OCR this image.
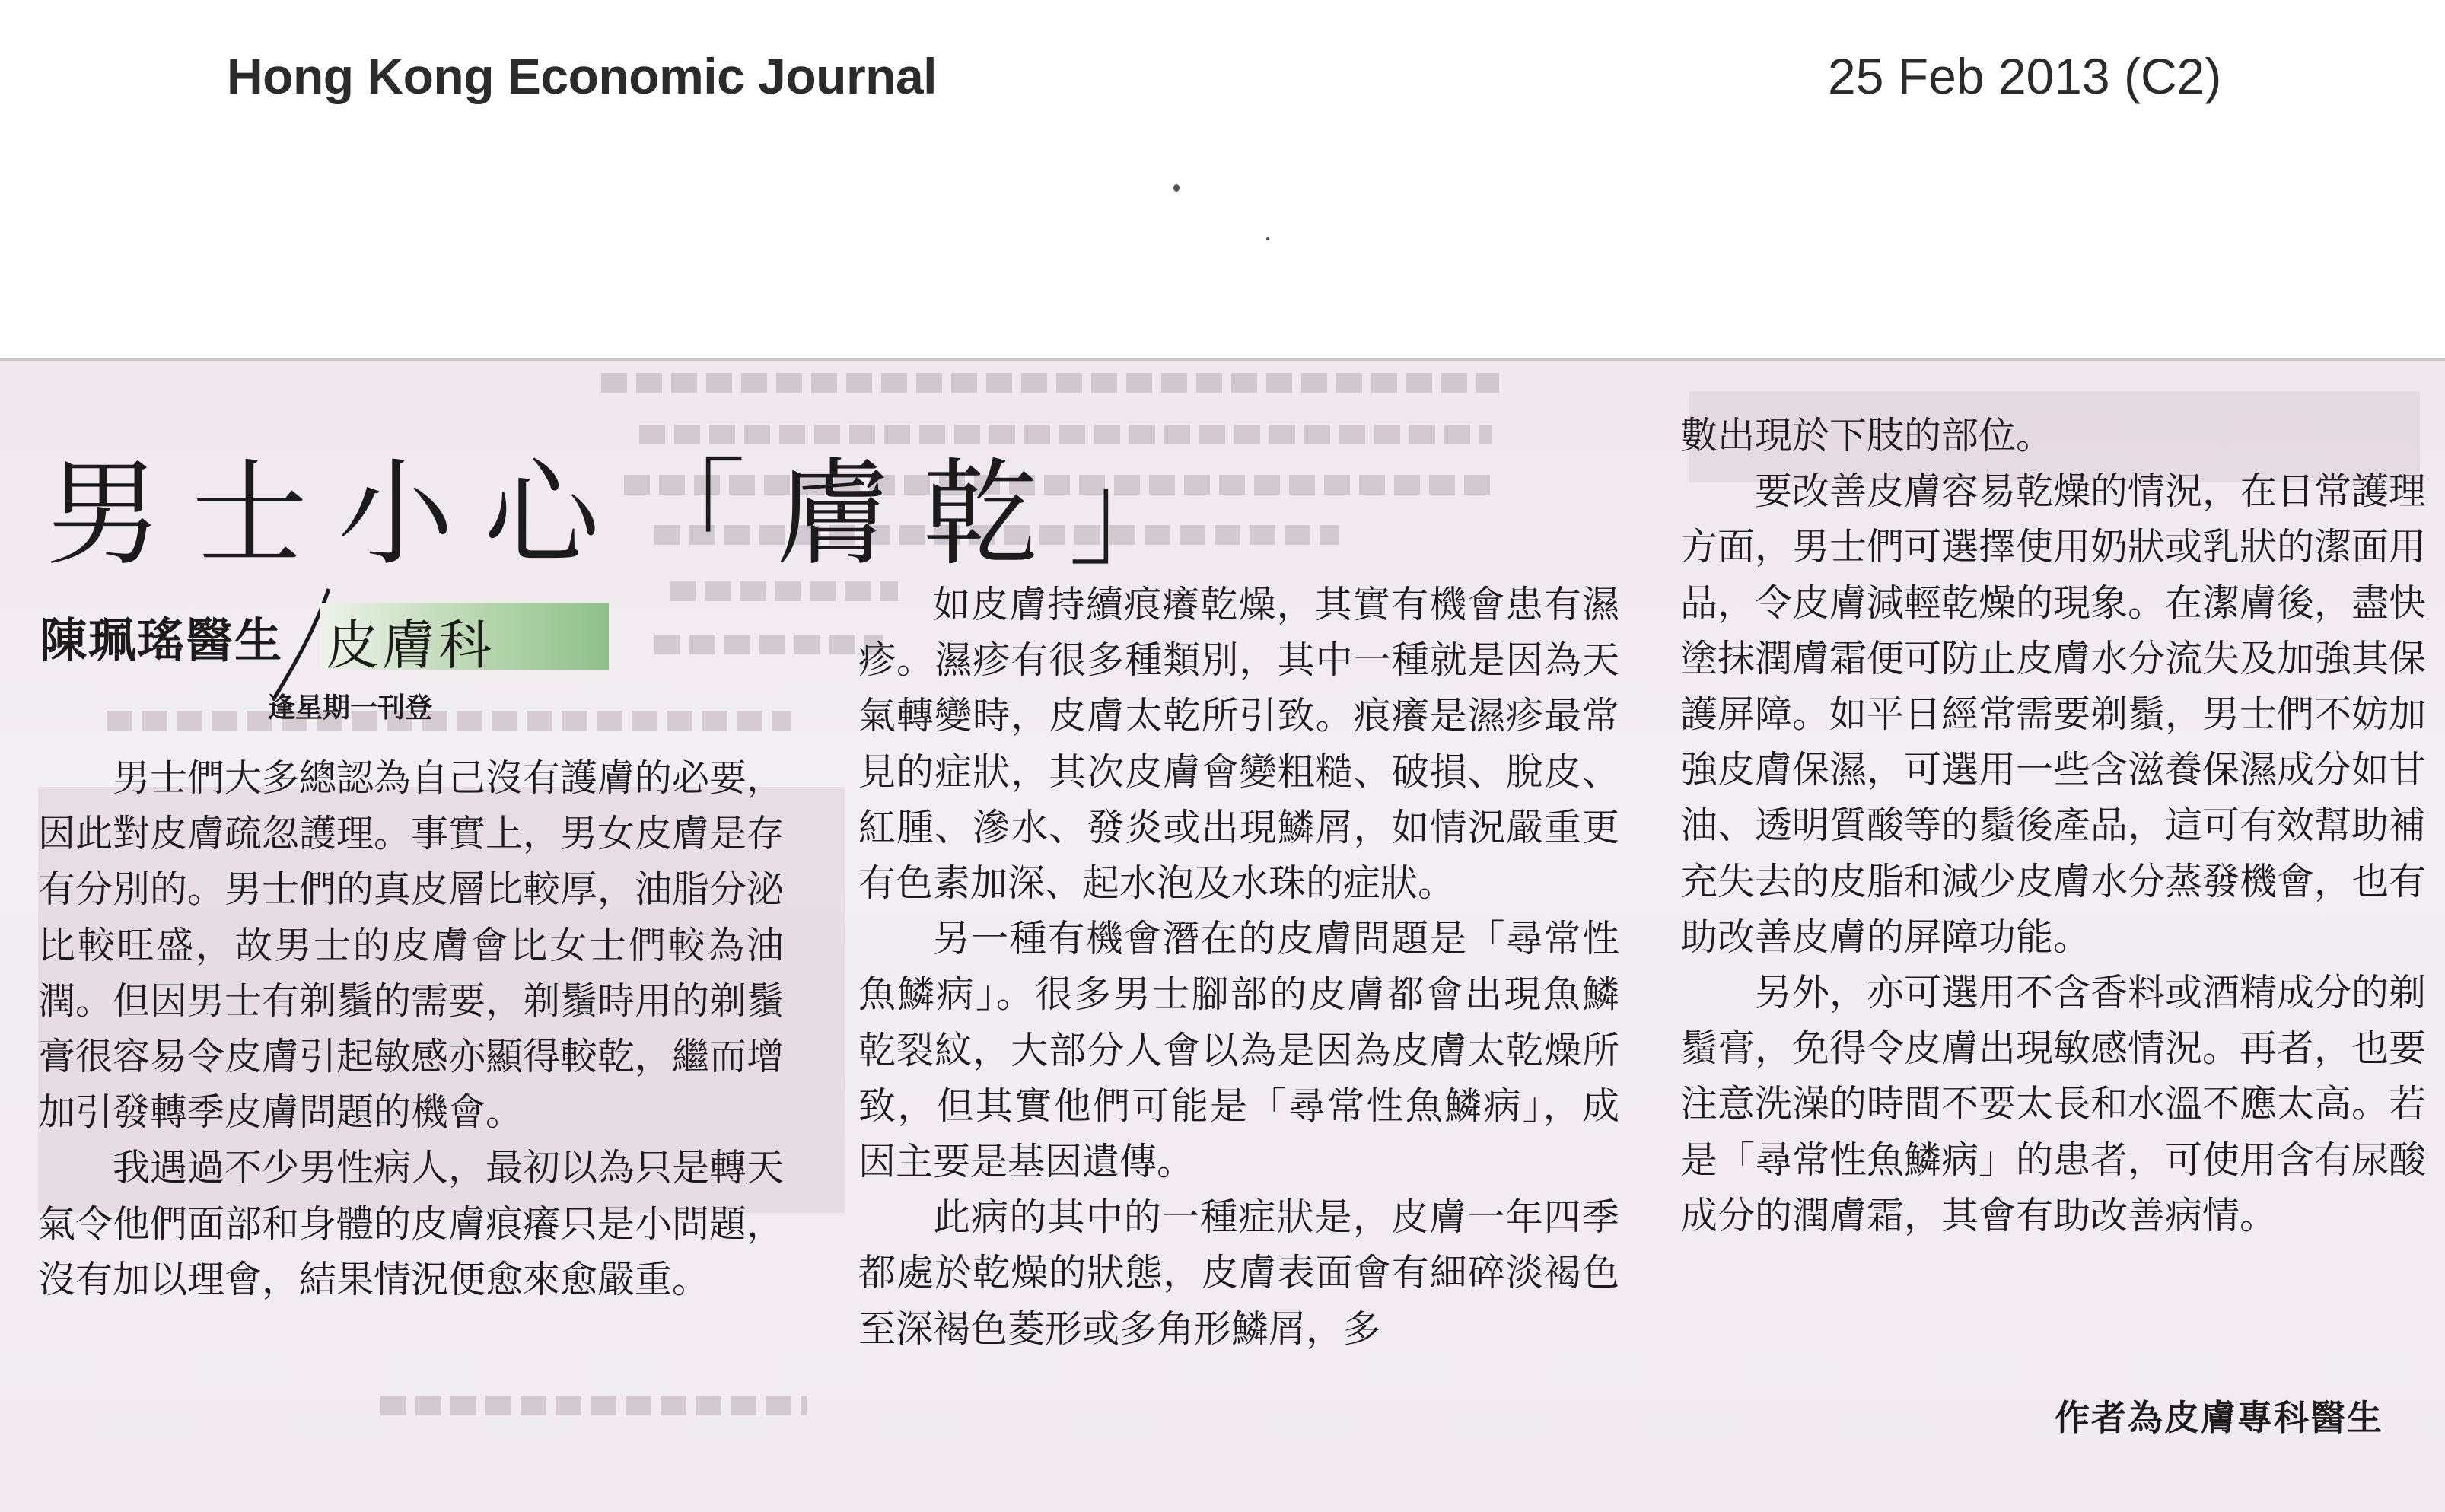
Hong Kong Economic Journal	25 Feb 2013 (C2)
男士小心「膚乾」
陳珮瑤醫生 皮膚科
逢星期一刊登

男士們大多總認為自己沒有護膚的必要，因此對皮膚疏忽護理。事實上，男女皮膚是存有分別的。男士們的真皮層比較厚，油脂分泌比較旺盛，故男士的皮膚會比女士們較為油潤。但因男士有剃鬚的需要，剃鬚時用的剃鬚膏很容易令皮膚引起敏感亦顯得較乾，繼而增加引發轉季皮膚問題的機會。

我遇過不少男性病人，最初以為只是轉天氣令他們面部和身體的皮膚痕癢只是小問題，沒有加以理會，結果情況便愈來愈嚴重。

如皮膚持續痕癢乾燥，其實有機會患有濕疹。濕疹有很多種類別，其中一種就是因為天氣轉變時，皮膚太乾所引致。痕癢是濕疹最常見的症狀，其次皮膚會變粗糙、破損、脫皮、紅腫、滲水、發炎或出現鱗屑，如情況嚴重更有色素加深、起水泡及水珠的症狀。

另一種有機會潛在的皮膚問題是「尋常性魚鱗病」。很多男士腳部的皮膚都會出現魚鱗乾裂紋，大部分人會以為是因為皮膚太乾燥所致，但其實他們可能是「尋常性魚鱗病」，成因主要是基因遺傳。

此病的其中的一種症狀是，皮膚一年四季都處於乾燥的狀態，皮膚表面會有細碎淡褐色至深褐色菱形或多角形鱗屑，多

數出現於下肢的部位。

要改善皮膚容易乾燥的情況，在日常護理方面，男士們可選擇使用奶狀或乳狀的潔面用品，令皮膚減輕乾燥的現象。在潔膚後，盡快塗抹潤膚霜便可防止皮膚水分流失及加強其保護屏障。如平日經常需要剃鬚，男士們不妨加強皮膚保濕，可選用一些含滋養保濕成分如甘油、透明質酸等的鬚後產品，這可有效幫助補充失去的皮脂和減少皮膚水分蒸發機會，也有助改善皮膚的屏障功能。

另外，亦可選用不含香料或酒精成分的剃鬚膏，免得令皮膚出現敏感情況。再者，也要注意洗澡的時間不要太長和水溫不應太高。若是「尋常性魚鱗病」的患者，可使用含有尿酸成分的潤膚霜，其會有助改善病情。

作者為皮膚專科醫生
